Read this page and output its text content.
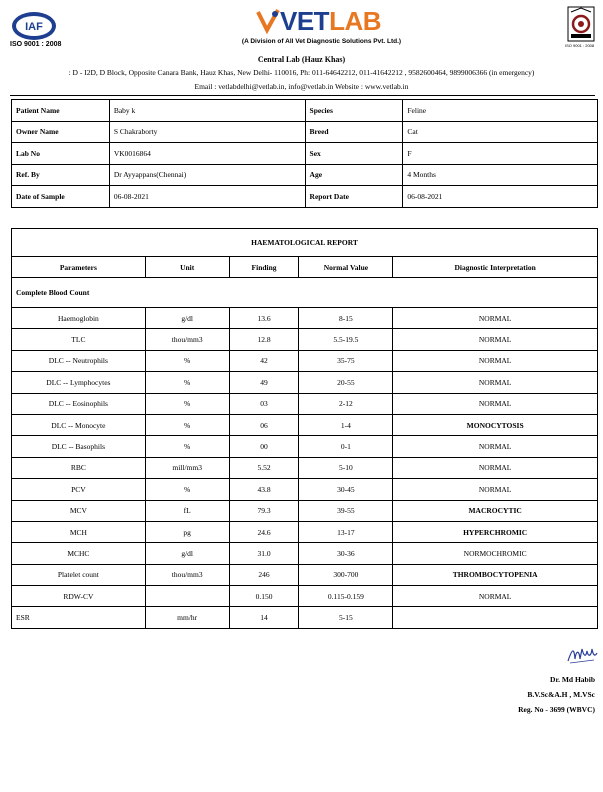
IAF
ISO 9001 : 2008
VETLAB
(A Division of All Vet Diagnostic Solutions Pvt. Ltd.)
ISO 9001 : 2008
Central Lab (Hauz Khas)
: D - I2D, D Block, Opposite Canara Bank, Hauz Khas, New Delhi- 110016, Ph: 011-64642212, 011-41642212 , 9582600464, 9899006366 (in emergency)
Email : vetlabdelhi@vetlab.in, info@vetlab.in Website : www.vetlab.in
Patient Name	Baby k	Species	Feline
Owner Name	S Chakraborty	Breed	Cat
Lab No	VK0016864	Sex	F
Ref. By	Dr Ayyappans(Chennai)	Age	4 Months
Date of Sample	06-08-2021	Report Date	06-08-2021
HAEMATOLOGICAL REPORT				
Parameters	Unit	Finding	Normal Value	Diagnostic Interpretation
Complete Blood Count				
Haemoglobin	g/dl	13.6	8-15	NORMAL
TLC	thou/mm3	12.8	5.5-19.5	NORMAL
DLC -- Neutrophils	%	42	35-75	NORMAL
DLC -- Lymphocytes	%	49	20-55	NORMAL
DLC -- Eosinophils	%	03	2-12	NORMAL
DLC -- Monocyte	%	06	1-4	MONOCYTOSIS
DLC -- Basophils	%	00	0-1	NORMAL
RBC	mill/mm3	5.52	5-10	NORMAL
PCV	%	43.8	30-45	NORMAL
MCV	fL	79.3	39-55	MACROCYTIC
MCH	pg	24.6	13-17	HYPERCHROMIC
MCHC	g/dl	31.0	30-36	NORMOCHROMIC
Platelet count	thou/mm3	246	300-700	THROMBOCYTOPENIA
RDW-CV		0.150	0.115-0.159	NORMAL
ESR	mm/hr	14	5-15	
Dr. Md Habib
B.V.Sc&A.H , M.VSc
Reg. No - 3699 (WBVC)
